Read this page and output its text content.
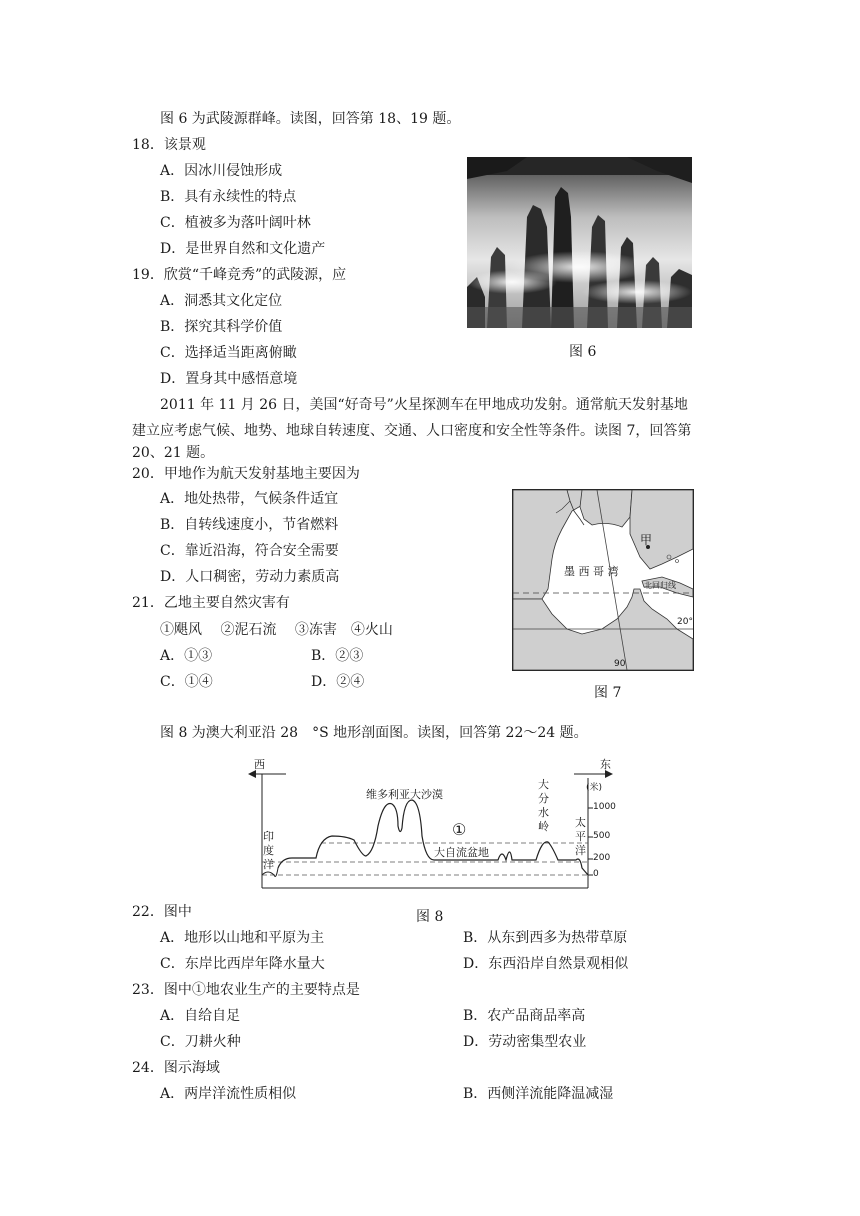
图 6 为武陵源群峰。读图，回答第 18、19 题。
18．该景观
A．因冰川侵蚀形成
B．具有永续性的特点
C．植被多为落叶阔叶林
D．是世界自然和文化遗产
19．欣赏“千峰竞秀”的武陵源，应
A．洞悉其文化定位
B．探究其科学价值
C．选择适当距离俯瞰
D．置身其中感悟意境
图 6
2011 年 11 月 26 日，美国“好奇号”火星探测车在甲地成功发射。通常航天发射基地
建立应考虑气候、地势、地球自转速度、交通、人口密度和安全性等条件。读图 7，回答第
20、21 题。
20．甲地作为航天发射基地主要因为
A．地处热带，气候条件适宜
B．自转线速度小，节省燃料
C．靠近沿海，符合安全需要
D．人口稠密，劳动力素质高
21．乙地主要自然灾害有
①飓风　 ②泥石流　 ③冻害　④火山
A．①③	B．②③
C．①④	D．②④
甲
墨 西 哥 湾
北回归线
20°
90
图 7
图 8 为澳大利亚沿 28　°S 地形剖面图。读图，回答第 22～24 题。
西	东
维多利亚大沙漠
大自流盆地
①
大
分
水
岭
印
度
洋
太
平
洋
(米)
1000
500
200
0
图 8
22．图中
A．地形以山地和平原为主	B．从东到西多为热带草原
C．东岸比西岸年降水量大	D．东西沿岸自然景观相似
23．图中①地农业生产的主要特点是
A．自给自足	B．农产品商品率高
C．刀耕火种	D．劳动密集型农业
24．图示海域
A．两岸洋流性质相似	B．西侧洋流能降温减湿
